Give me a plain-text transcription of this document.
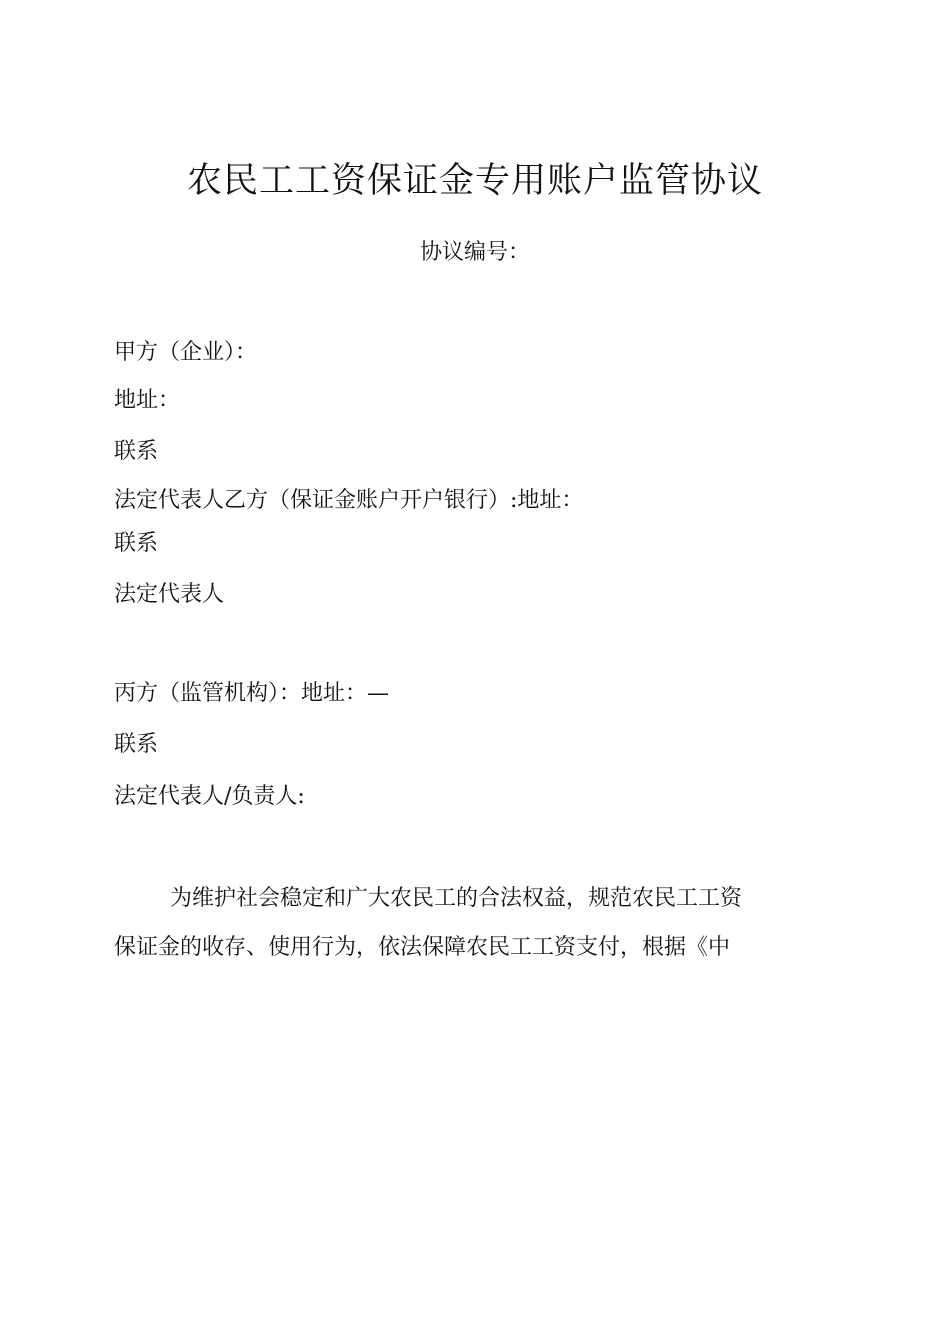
农民工工资保证金专用账户监管协议
协议编号：
甲方（企业）：
地址：
联系
法定代表人乙方（保证金账户开户银行）:地址：
联系
法定代表人
丙方（监管机构）：地址：—
联系
法定代表人/负责人:
为维护社会稳定和广大农民工的合法权益，规范农民工工资
保证金的收存、使用行为，依法保障农民工工资支付，根据《中
